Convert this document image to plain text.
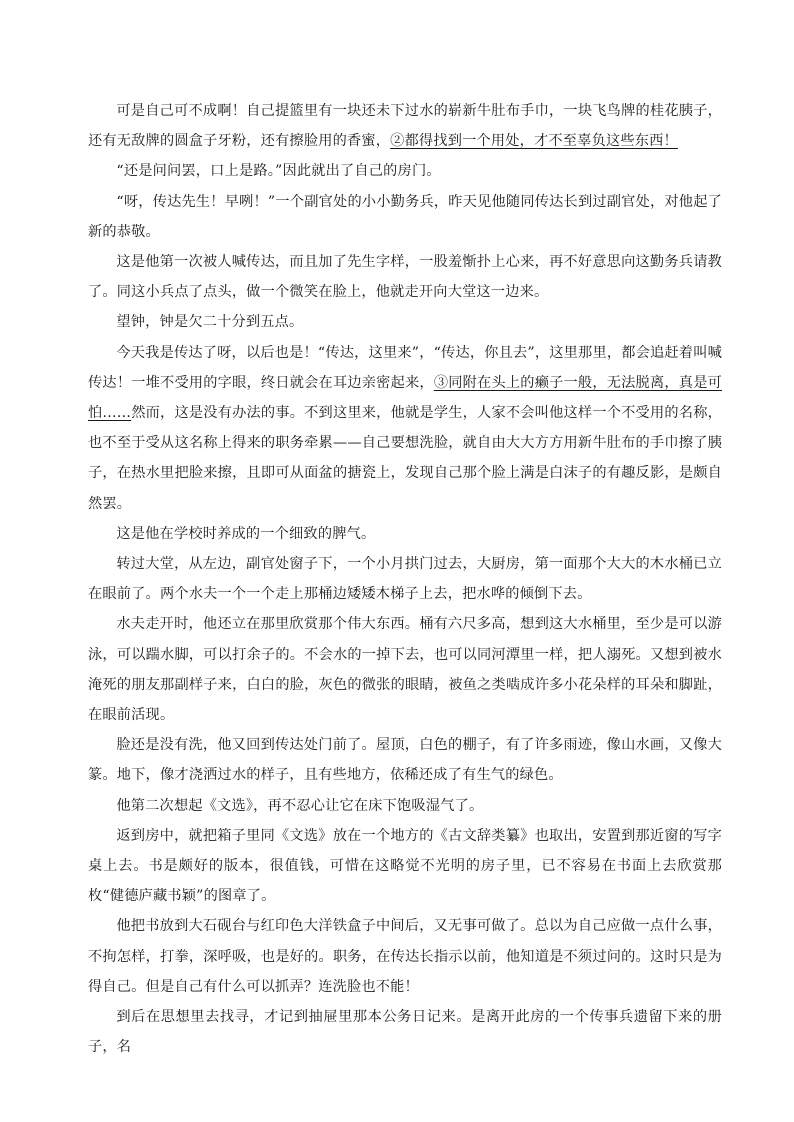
可是自己可不成啊！自己提篮里有一块还未下过水的崭新牛肚布手巾，一块飞鸟牌的桂花胰子，还有无敌牌的圆盒子牙粉，还有擦脸用的香蜜，②都得找到一个用处，才不至辜负这些东西！

“还是问问罢，口上是路。”因此就出了自己的房门。

“呀，传达先生！早咧！”一个副官处的小小勤务兵，昨天见他随同传达长到过副官处，对他起了新的恭敬。

这是他第一次被人喊传达，而且加了先生字样，一股羞惭扑上心来，再不好意思向这勤务兵请教了。同这小兵点了点头，做一个微笑在脸上，他就走开向大堂这一边来。

望钟，钟是欠二十分到五点。

今天我是传达了呀，以后也是！“传达，这里来”，“传达，你且去”，这里那里，都会追赶着叫喊传达！一堆不受用的字眼，终日就会在耳边亲密起来，③同附在头上的癞子一般，无法脱离，真是可怕……然而，这是没有办法的事。不到这里来，他就是学生，人家不会叫他这样一个不受用的名称，也不至于受从这名称上得来的职务牵累——自己要想洗脸，就自由大大方方用新牛肚布的手巾擦了胰子，在热水里把脸来擦，且即可从面盆的搪瓷上，发现自己那个脸上满是白沫子的有趣反影，是颇自然罢。

这是他在学校时养成的一个细致的脾气。

转过大堂，从左边，副官处窗子下，一个小月拱门过去，大厨房，第一面那个大大的木水桶已立在眼前了。两个水夫一个一个走上那桶边矮矮木梯子上去，把水哗的倾倒下去。

水夫走开时，他还立在那里欣赏那个伟大东西。桶有六尺多高，想到这大水桶里，至少是可以游泳，可以踹水脚，可以打余子的。不会水的一掉下去，也可以同河潭里一样，把人溺死。又想到被水淹死的朋友那副样子来，白白的脸，灰色的微张的眼睛，被鱼之类啮成许多小花朵样的耳朵和脚趾，在眼前活现。

脸还是没有洗，他又回到传达处门前了。屋顶，白色的棚子，有了许多雨迹，像山水画，又像大篆。地下，像才浇洒过水的样子，且有些地方，依稀还成了有生气的绿色。

他第二次想起《文选》，再不忍心让它在床下饱吸湿气了。

返到房中，就把箱子里同《文选》放在一个地方的《古文辞类纂》也取出，安置到那近窗的写字桌上去。书是颇好的版本，很值钱，可惜在这略觉不光明的房子里，已不容易在书面上去欣赏那枚“健德庐藏书颖”的图章了。

他把书放到大石砚台与红印色大洋铁盒子中间后，又无事可做了。总以为自己应做一点什么事，不拘怎样，打拳，深呼吸，也是好的。职务，在传达长指示以前，他知道是不须过问的。这时只是为得自己。但是自己有什么可以抓弄？连洗脸也不能！

到后在思想里去找寻，才记到抽屉里那本公务日记来。是离开此房的一个传事兵遗留下来的册子，名
